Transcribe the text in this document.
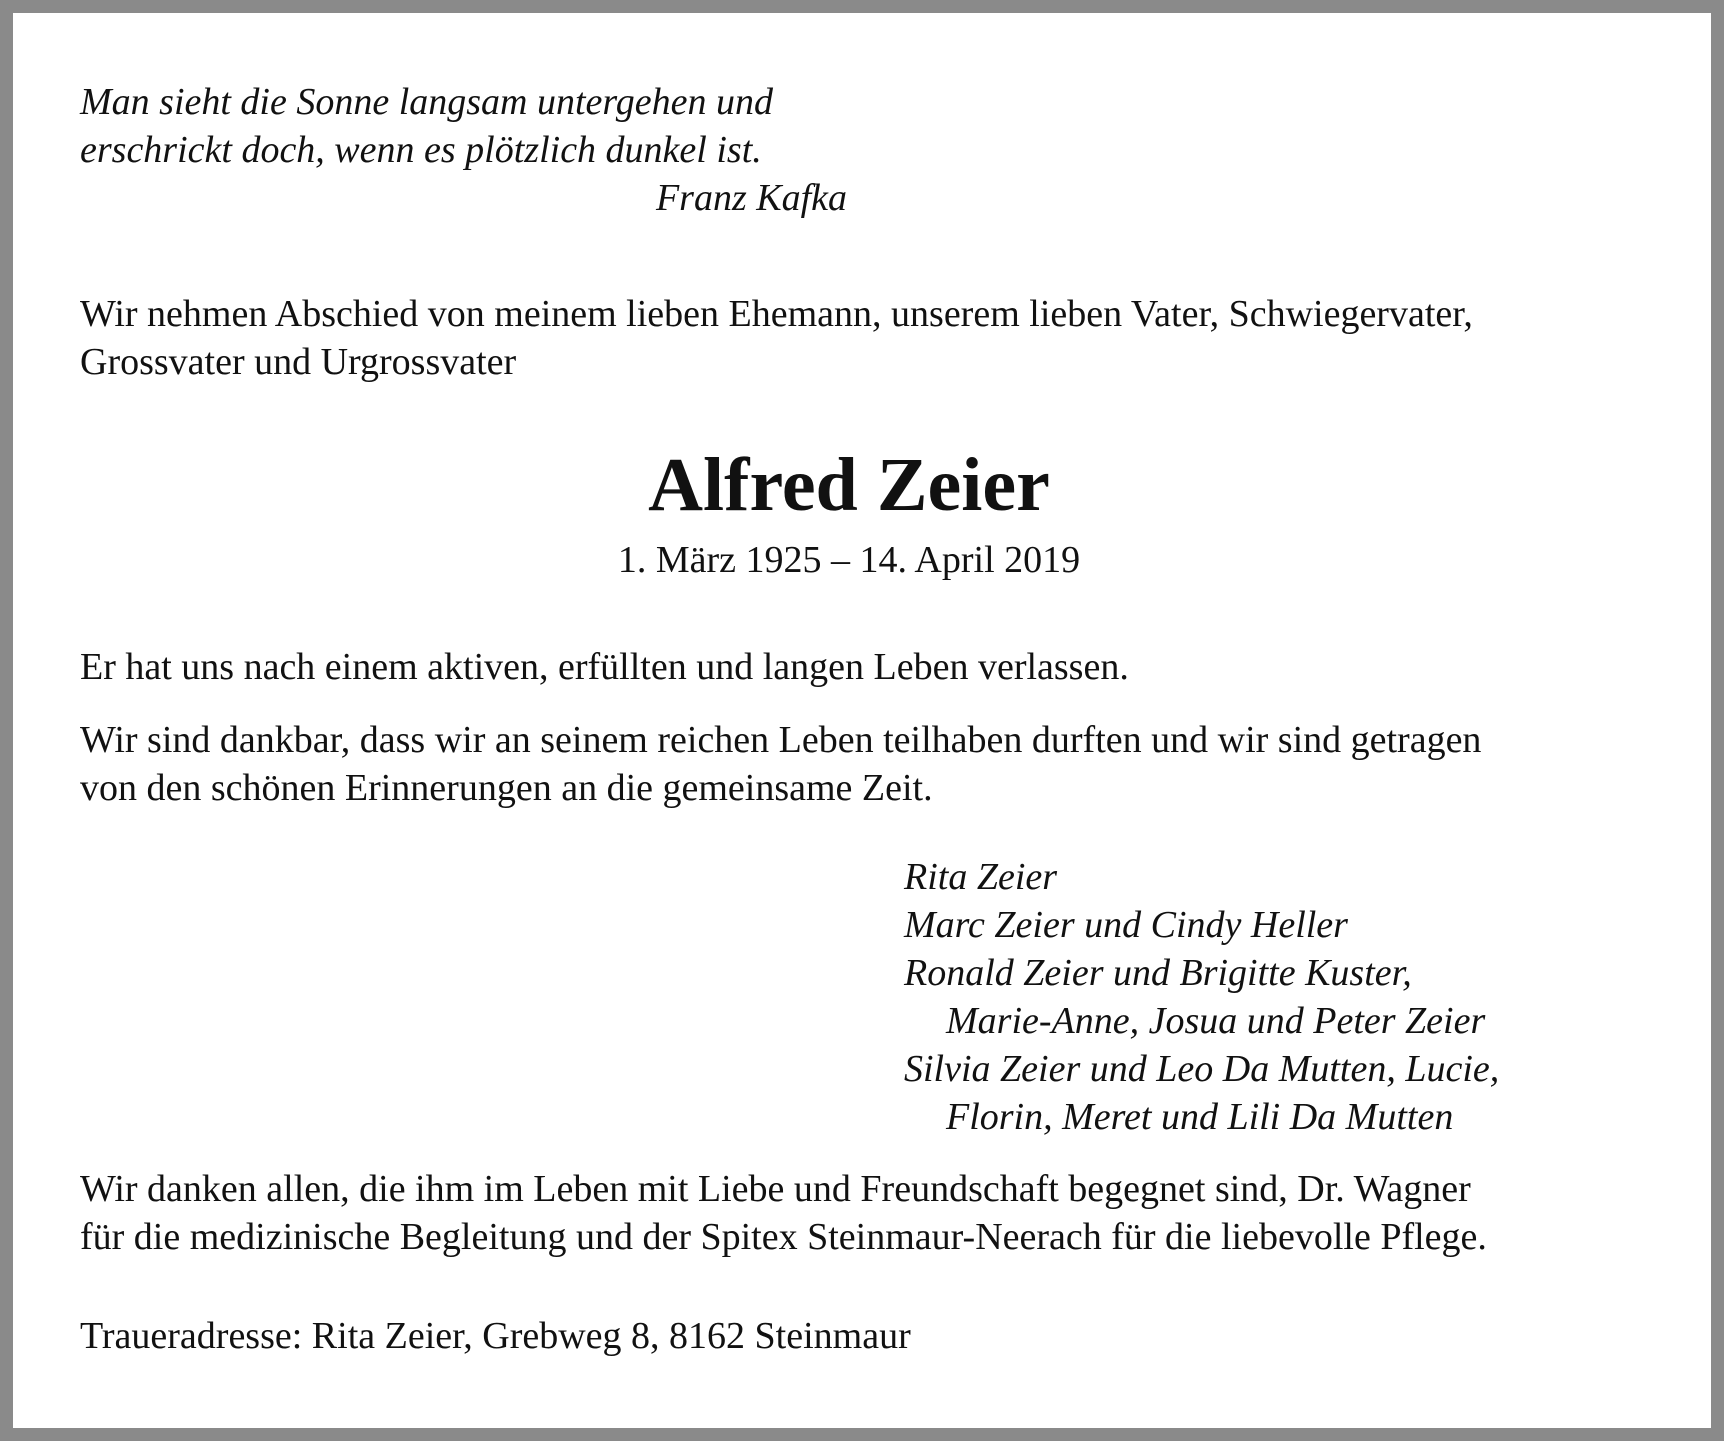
Man sieht die Sonne langsam untergehen und
erschrickt doch, wenn es plötzlich dunkel ist.
Franz Kafka
Wir nehmen Abschied von meinem lieben Ehemann, unserem lieben Vater, Schwiegervater,
Grossvater und Urgrossvater
Alfred Zeier
1. März 1925 – 14. April 2019
Er hat uns nach einem aktiven, erfüllten und langen Leben verlassen.
Wir sind dankbar, dass wir an seinem reichen Leben teilhaben durften und wir sind getragen
von den schönen Erinnerungen an die gemeinsame Zeit.
Rita Zeier
Marc Zeier und Cindy Heller
Ronald Zeier und Brigitte Kuster,
Marie-Anne, Josua und Peter Zeier
Silvia Zeier und Leo Da Mutten, Lucie,
Florin, Meret und Lili Da Mutten
Wir danken allen, die ihm im Leben mit Liebe und Freundschaft begegnet sind, Dr. Wagner
für die medizinische Begleitung und der Spitex Steinmaur-Neerach für die liebevolle Pflege.
Traueradresse: Rita Zeier, Grebweg 8, 8162 Steinmaur
